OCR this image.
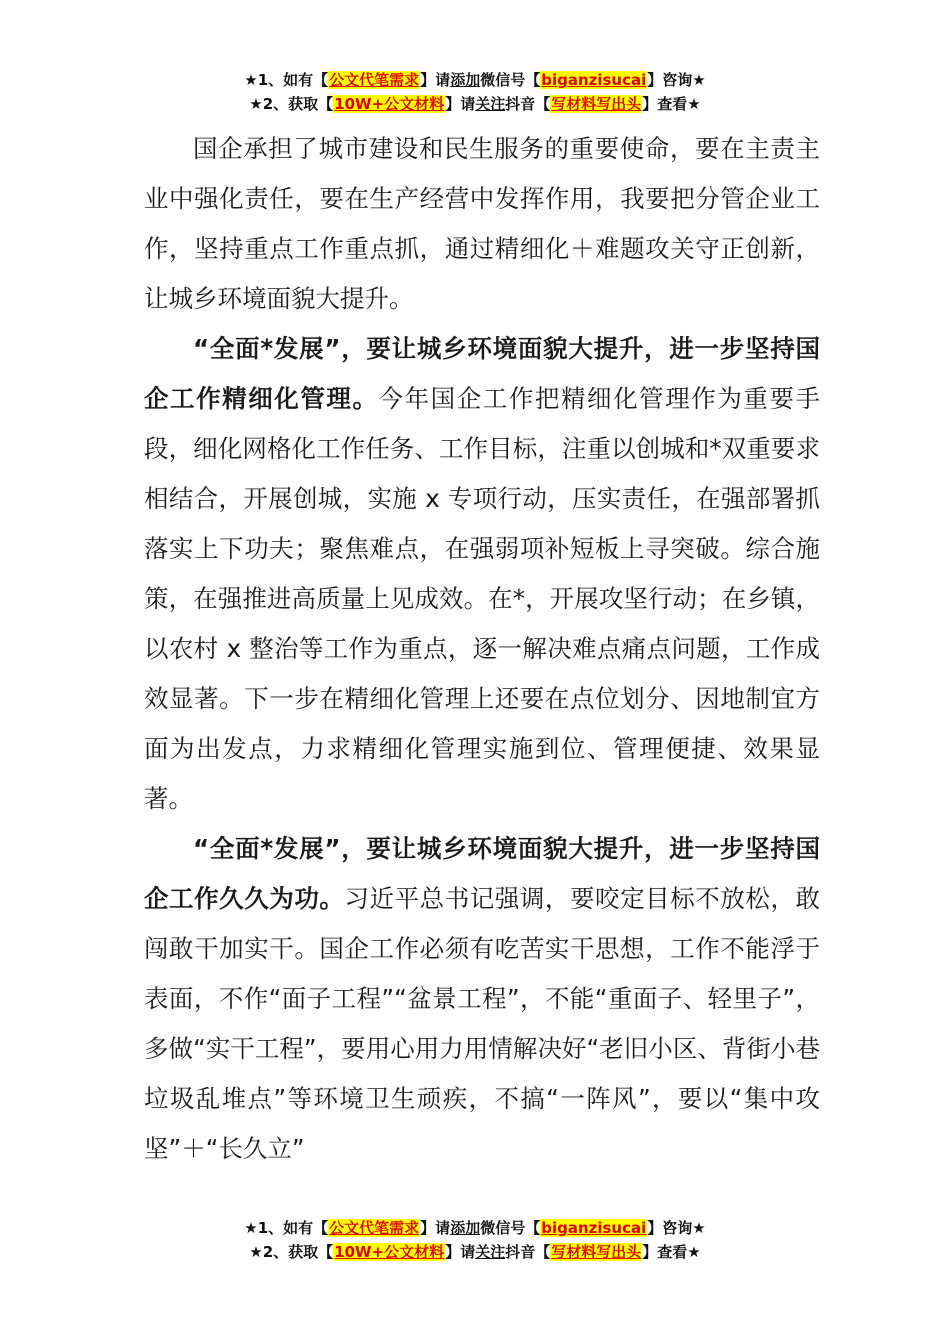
★1、如有【公文代笔需求】请添加微信号【biganzisucai】咨询★
★2、获取【10W+公文材料】请关注抖音【写材料写出头】查看★

国企承担了城市建设和民生服务的重要使命，要在主责主业中强化责任，要在生产经营中发挥作用，我要把分管企业工作，坚持重点工作重点抓，通过精细化＋难题攻关守正创新，让城乡环境面貌大提升。

“全面*发展”，要让城乡环境面貌大提升，进一步坚持国企工作精细化管理。今年国企工作把精细化管理作为重要手段，细化网格化工作任务、工作目标，注重以创城和*双重要求相结合，开展创城，实施 x 专项行动，压实责任，在强部署抓落实上下功夫；聚焦难点，在强弱项补短板上寻突破。综合施策，在强推进高质量上见成效。在*，开展攻坚行动；在乡镇，以农村 x 整治等工作为重点，逐一解决难点痛点问题，工作成效显著。下一步在精细化管理上还要在点位划分、因地制宜方面为出发点，力求精细化管理实施到位、管理便捷、效果显著。

“全面*发展”，要让城乡环境面貌大提升，进一步坚持国企工作久久为功。习近平总书记强调，要咬定目标不放松，敢闯敢干加实干。国企工作必须有吃苦实干思想，工作不能浮于表面，不作“面子工程”“盆景工程”，不能“重面子、轻里子”，多做“实干工程”，要用心用力用情解决好“老旧小区、背街小巷垃圾乱堆点”等环境卫生顽疾，不搞“一阵风”，要以“集中攻坚”＋“长久立”

★1、如有【公文代笔需求】请添加微信号【biganzisucai】咨询★
★2、获取【10W+公文材料】请关注抖音【写材料写出头】查看★
